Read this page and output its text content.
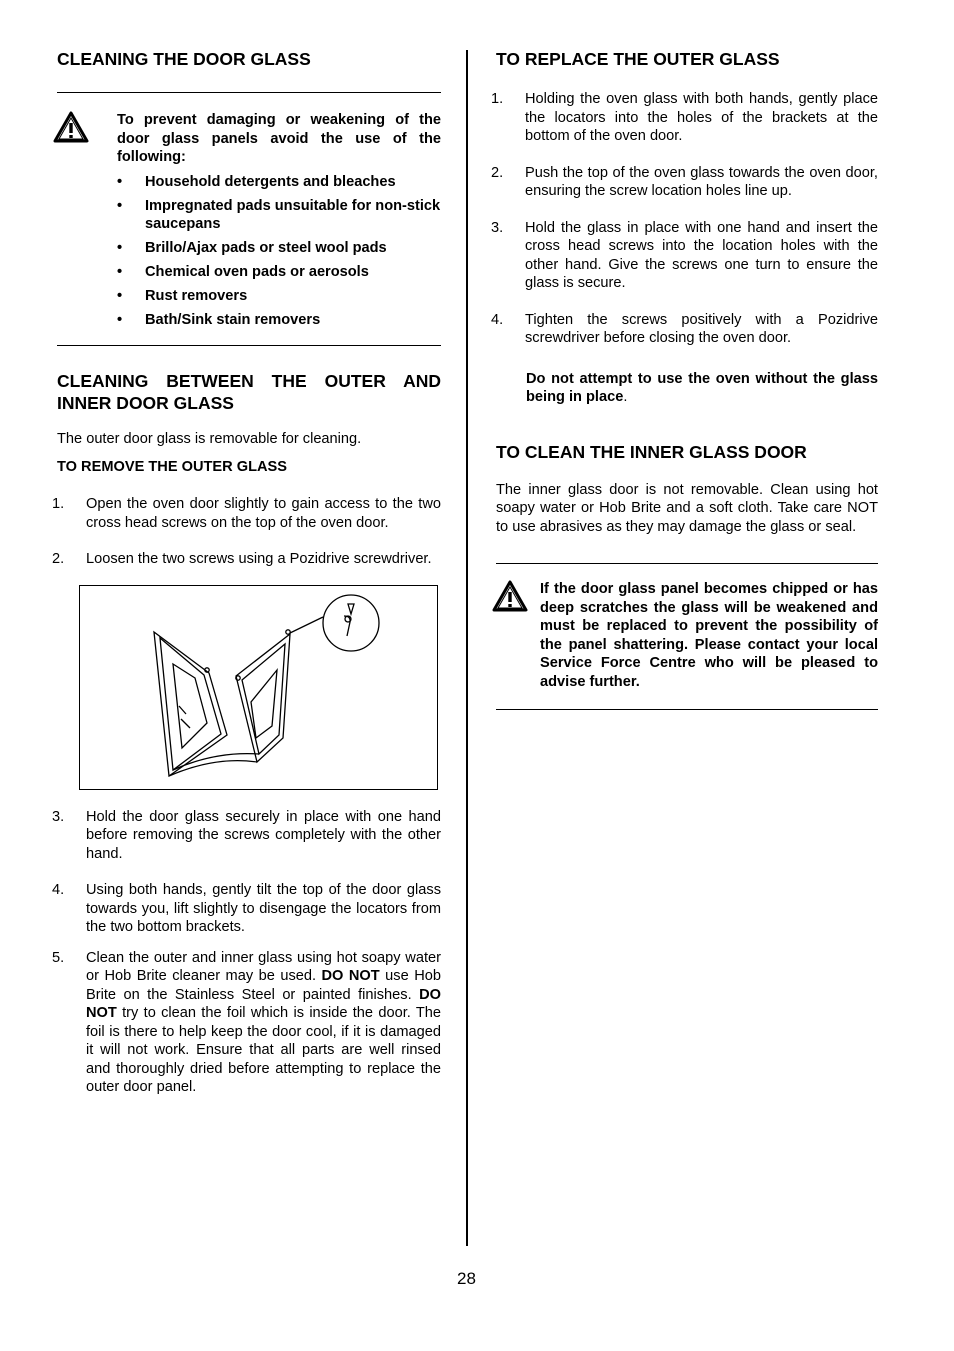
CLEANING THE DOOR GLASS
To prevent damaging or weakening of the door glass panels avoid the use of the following:
• Household detergents and bleaches
• Impregnated pads unsuitable for non-stick saucepans
• Brillo/Ajax pads or steel wool pads
• Chemical oven pads or aerosols
• Rust removers
• Bath/Sink stain removers
CLEANING BETWEEN THE OUTER AND INNER DOOR GLASS

The outer door glass is removable for cleaning.

TO REMOVE THE OUTER GLASS
1. Open the oven door slightly to gain access to the two cross head screws on the top of the oven door.
2. Loosen the two screws using a Pozidrive screwdriver.
3. Hold the door glass securely in place with one hand before removing the screws completely with the other hand.
4. Using both hands, gently tilt the top of the door glass towards you, lift slightly to disengage the locators from the two bottom brackets.
5. Clean the outer and inner glass using hot soapy water or Hob Brite cleaner may be used. DO NOT use Hob Brite on the Stainless Steel or painted finishes. DO NOT try to clean the foil which is inside the door. The foil is there to help keep the door cool, if it is damaged it will not work. Ensure that all parts are well rinsed and thoroughly dried before attempting to replace the outer door panel.
TO REPLACE THE OUTER GLASS
1. Holding the oven glass with both hands, gently place the locators into the holes of the brackets at the bottom of the oven door.
2. Push the top of the oven glass towards the oven door, ensuring the screw location holes line up.
3. Hold the glass in place with one hand and insert the cross head screws into the location holes with the other hand. Give the screws one turn to ensure the glass is secure.
4. Tighten the screws positively with a Pozidrive screwdriver before closing the oven door.

Do not attempt to use the oven without the glass being in place.

TO CLEAN THE INNER GLASS DOOR

The inner glass door is not removable. Clean using hot soapy water or Hob Brite and a soft cloth. Take care NOT to use abrasives as they may damage the glass or seal.

If the door glass panel becomes chipped or has deep scratches the glass will be weakened and must be replaced to prevent the possibility of the panel shattering. Please contact your local Service Force Centre who will be pleased to advise further.
28
